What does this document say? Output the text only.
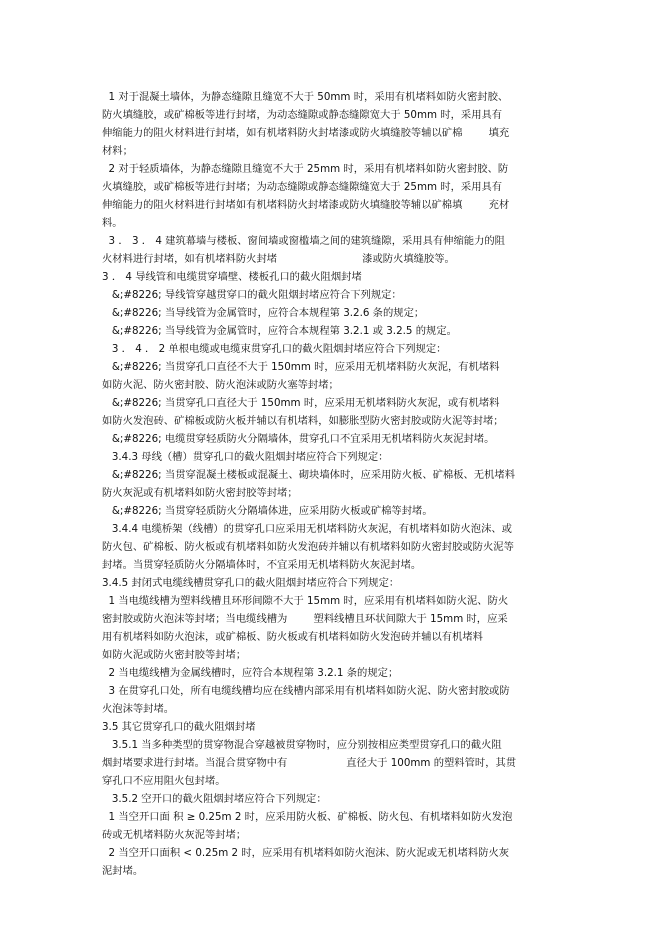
1 对于混凝土墙体，为静态缝隙且缝宽不大于 50mm 时，采用有机堵料如防火密封胶、
防火填缝胶，或矿棉板等进行封堵，为动态缝隙或静态缝隙宽大于 50mm 时，采用具有
伸缩能力的阻火材料进行封堵，如有机堵料防火封堵漆或防火填缝胶等辅以矿棉        填充
材料；
2 对于轻质墙体，为静态缝隙且缝宽不大于 25mm 时，采用有机堵料如防火密封胶、防
火填缝胶，或矿棉板等进行封堵；为动态缝隙或静态缝隙缝宽大于 25mm 时，采用具有
伸缩能力的阻火材料进行封堵如有机堵料防火封堵漆或防火填缝胶等辅以矿棉填        充材
料。
3 ． 3 ． 4 建筑幕墙与楼板、窗间墙或窗槛墙之间的建筑缝隙，采用具有伸缩能力的阻
火材料进行封堵，如有机堵料防火封堵                          漆或防火填缝胶等。
3 ． 4 导线管和电缆贯穿墙壁、楼板孔口的截火阻烟封堵
&;#8226; 导线管穿越贯穿口的截火阻烟封堵应符合下列规定：
&;#8226; 当导线管为金属管时，应符合本规程第 3.2.6 条的规定；
&;#8226; 当导线管为金属管时，应符合本规程第 3.2.1 或 3.2.5 的规定。
3 ． 4 ． 2 单根电缆或电缆束贯穿孔口的截火阻烟封堵应符合下列规定：
&;#8226; 当贯穿孔口直径不大于 150mm 时，应采用无机堵料防火灰泥，有机堵料
如防火泥、防火密封胶、防火泡沫或防火塞等封堵；
&;#8226; 当贯穿孔口直径大于 150mm 时，应采用无机堵料防火灰泥，或有机堵料
如防火发泡砖、矿棉板或防火板并辅以有机堵料，如膨胀型防火密封胶或防火泥等封堵；
&;#8226; 电缆贯穿轻质防火分隔墙体，贯穿孔口不宜采用无机堵料防火灰泥封堵。
3.4.3 母线（槽）贯穿孔口的截火阻烟封堵应符合下列规定：
&;#8226; 当贯穿混凝土楼板或混凝土、砌块墙体时，应采用防火板、矿棉板、无机堵料
防火灰泥或有机堵料如防火密封胶等封堵；
&;#8226; 当贯穿轻质防火分隔墙体进，应采用防火板或矿棉等封堵。
3.4.4 电缆桥架（线槽）的贯穿孔口应采用无机堵料防火灰泥，有机堵料如防火泡沫、或
防火包、矿棉板、防火板或有机堵料如防火发泡砖并辅以有机堵料如防火密封胶或防火泥等
封堵。当贯穿轻质防火分隔墙体时，不宜采用无机堵料防火灰泥封堵。
3.4.5 封闭式电缆线槽贯穿孔口的截火阻烟封堵应符合下列规定：
1 当电缆线槽为塑料线槽且环形间隙不大于 15mm 时，应采用有机堵料如防火泥、防火
密封胶或防火泡沫等封堵；当电缆线槽为        塑料线槽且环状间隙大于 15mm 时，应采
用有机堵料如防火泡沫，或矿棉板、防火板或有机堵料如防火发泡砖并辅以有机堵料
如防火泥或防火密封胶等封堵；
2 当电缆线槽为金属线槽时，应符合本规程第 3.2.1 条的规定；
3 在贯穿孔口处，所有电缆线槽均应在线槽内部采用有机堵料如防火泥、防火密封胶或防
火泡沫等封堵。
3.5 其它贯穿孔口的截火阻烟封堵
3.5.1 当多种类型的贯穿物混合穿越被贯穿物时，应分别按相应类型贯穿孔口的截火阻
烟封堵要求进行封堵。当混合贯穿物中有                  直径大于 100mm 的塑料管时，其贯
穿孔口不应用阻火包封堵。
3.5.2 空开口的截火阻烟封堵应符合下列规定：
1 当空开口面 积 ≥ 0.25m 2 时，应采用防火板、矿棉板、防火包、有机堵料如防火发泡
砖或无机堵料防火灰泥等封堵；
2 当空开口面积 < 0.25m 2 时，应采用有机堵料如防火泡沫、防火泥或无机堵料防火灰
泥封堵。
